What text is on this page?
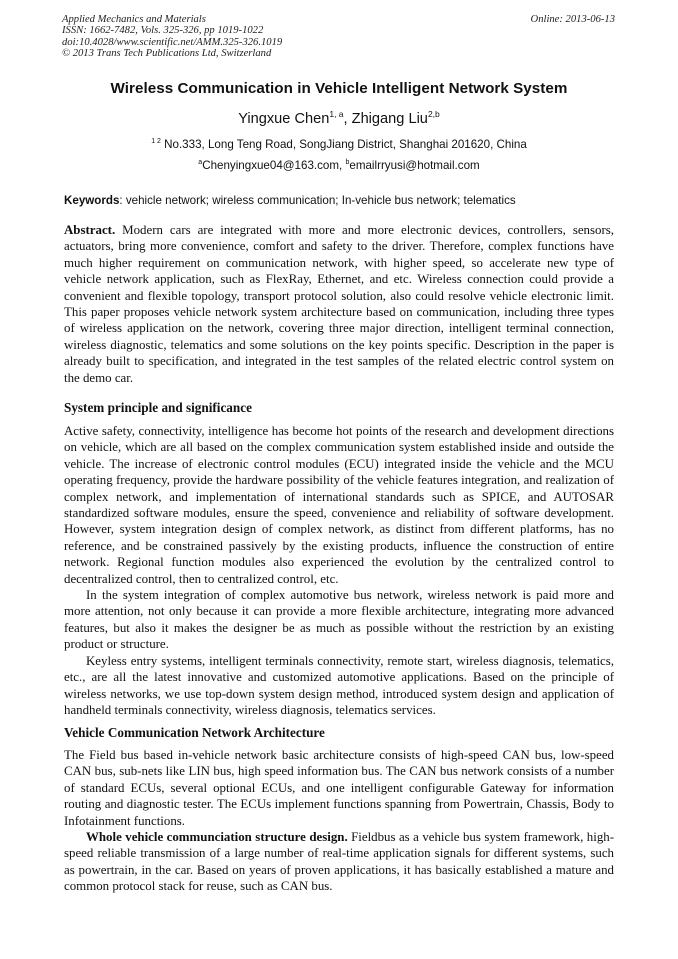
Applied Mechanics and Materials
ISSN: 1662-7482, Vols. 325-326, pp 1019-1022
doi:10.4028/www.scientific.net/AMM.325-326.1019
© 2013 Trans Tech Publications Ltd, Switzerland
Online: 2013-06-13
Wireless Communication in Vehicle Intelligent Network System
Yingxue Chen$^{1, a}$, Zhigang Liu$^{2,b}$
$^{1 2}$ No.333, Long Teng Road, SongJiang District, Shanghai 201620, China
$^a$Chenyingxue04@163.com, $^b$emailrryusi@hotmail.com
Keywords: vehicle network; wireless communication; In-vehicle bus network; telematics

Abstract. Modern cars are integrated with more and more electronic devices, controllers, sensors, actuators, bring more convenience, comfort and safety to the driver. Therefore, complex functions have much higher requirement on communication network, with higher speed, so accelerate new type of vehicle network application, such as FlexRay, Ethernet, and etc. Wireless connection could provide a convenient and flexible topology, transport protocol solution, also could resolve vehicle electronic limit. This paper proposes vehicle network system architecture based on communication, including three types of wireless application on the network, covering three major direction, intelligent terminal connection, wireless diagnostic, telematics and some solutions on the key points specific. Description in the paper is already built to specification, and integrated in the test samples of the related electric control system on the demo car.

System principle and significance

Active safety, connectivity, intelligence has become hot points of the research and development directions on vehicle, which are all based on the complex communication system established inside and outside the vehicle. The increase of electronic control modules (ECU) integrated inside the vehicle and the MCU operating frequency, provide the hardware possibility of the vehicle features integration, and realization of complex network, and implementation of international standards such as SPICE, and AUTOSAR standardized software modules, ensure the speed, convenience and reliability of software development. However, system integration design of complex network, as distinct from different platforms, has no reference, and be constrained passively by the existing products, influence the construction of entire network. Regional function modules also experienced the evolution by the centralized control to decentralized control, then to centralized control, etc.

In the system integration of complex automotive bus network, wireless network is paid more and more attention, not only because it can provide a more flexible architecture, integrating more advanced features, but also it makes the designer be as much as possible without the restriction by an existing product or structure.

Keyless entry systems, intelligent terminals connectivity, remote start, wireless diagnosis, telematics, etc., are all the latest innovative and customized automotive applications. Based on the principle of wireless networks, we use top-down system design method, introduced system design and application of handheld terminals connectivity, wireless diagnosis, telematics services.

Vehicle Communication Network Architecture

The Field bus based in-vehicle network basic architecture consists of high-speed CAN bus, low-speed CAN bus, sub-nets like LIN bus, high speed information bus. The CAN bus network consists of a number of standard ECUs, several optional ECUs, and one intelligent configurable Gateway for information routing and diagnostic tester. The ECUs implement functions spanning from Powertrain, Chassis, Body to Infotainment functions.

Whole vehicle communciation structure design. Fieldbus as a vehicle bus system framework, high-speed reliable transmission of a large number of real-time application signals for different systems, such as powertrain, in the car. Based on years of proven applications, it has basically established a mature and common protocol stack for reuse, such as CAN bus.
